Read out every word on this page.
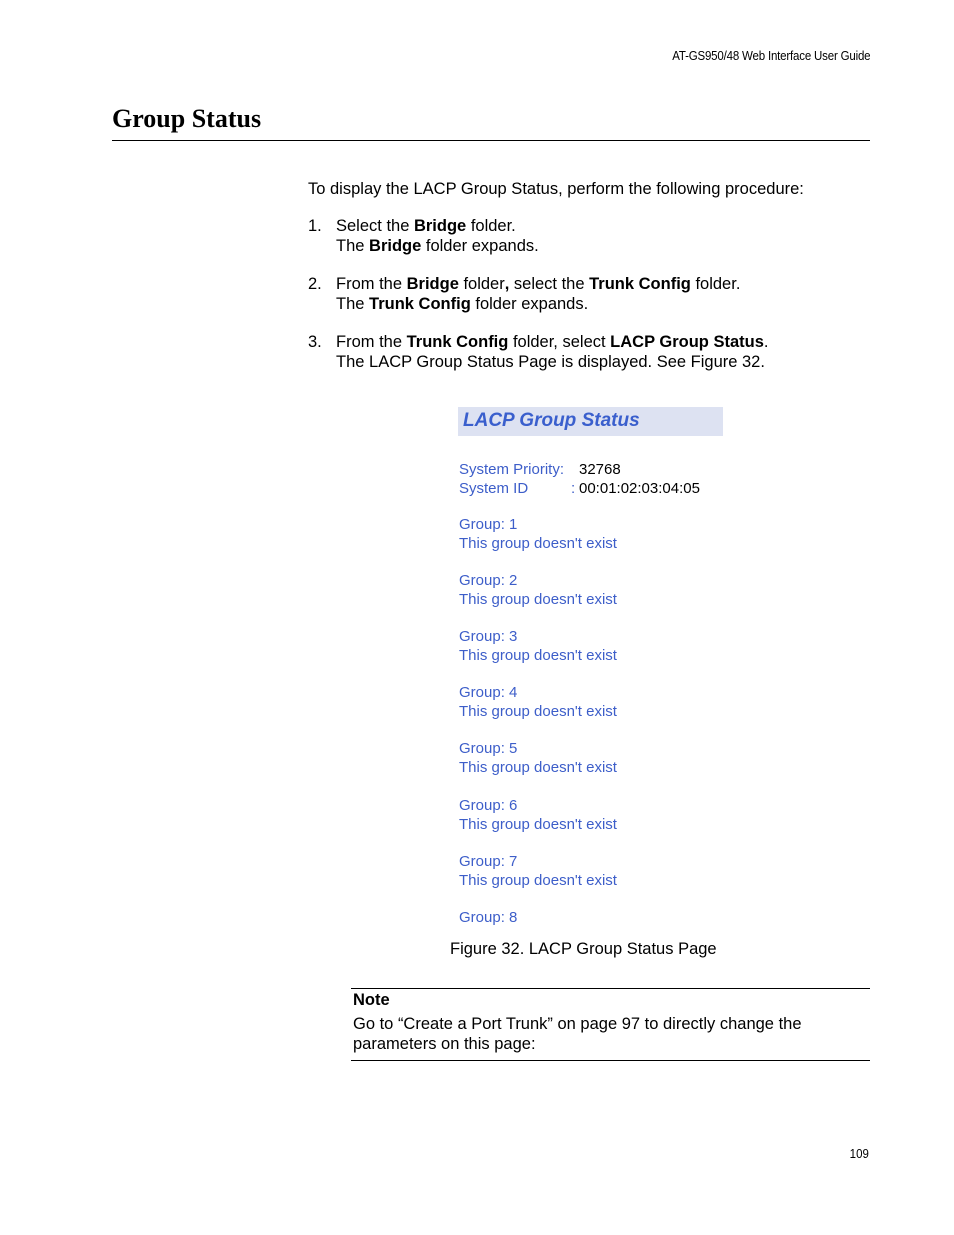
AT-GS950/48 Web Interface User Guide
Group Status

To display the LACP Group Status, perform the following procedure:

1. Select the Bridge folder.
The Bridge folder expands.
2. From the Bridge folder, select the Trunk Config folder.
The Trunk Config folder expands.
3. From the Trunk Config folder, select LACP Group Status.
The LACP Group Status Page is displayed. See Figure 32.
LACP Group Status
System Priority: 32768
System ID	: 00:01:02:03:04:05
Group: 1
This group doesn't exist
Group: 2
This group doesn't exist
Group: 3
This group doesn't exist
Group: 4
This group doesn't exist
Group: 5
This group doesn't exist
Group: 6
This group doesn't exist
Group: 7
This group doesn't exist
Group: 8
Figure 32. LACP Group Status Page
Note
Go to “Create a Port Trunk” on page 97 to directly change the parameters on this page:
109
